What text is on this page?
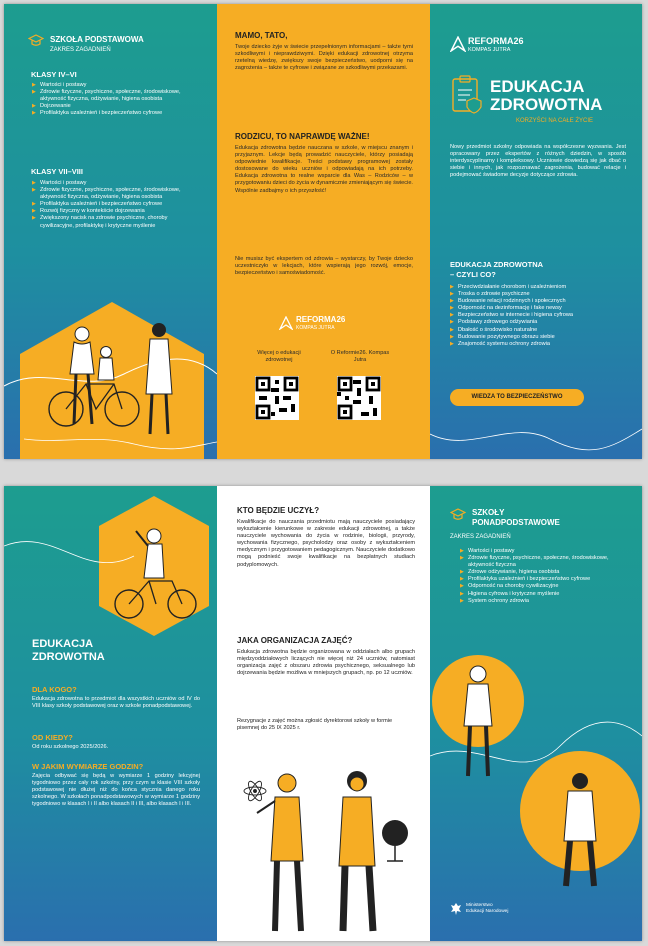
SZKOŁA PODSTAWOWA
ZAKRES ZAGADNIEŃ
KLASY IV–VI
▶ Wartości i postawy
▶ Zdrowie fizyczne, psychiczne, społeczne, środowiskowe, aktywność fizyczna, odżywianie, higiena osobista
▶ Dojrzewanie
▶ Profilaktyka uzależnień i bezpieczeństwo cyfrowe
KLASY VII–VIII
▶ Wartości i postawy
▶ Zdrowie fizyczne, psychiczne, społeczne, środowiskowe, aktywność fizyczna, odżywianie, higiena osobista
▶ Profilaktyka uzależnień i bezpieczeństwo cyfrowe
▶ Rozwój fizyczny w kontekście dojrzewania
▶ Zwiększony nacisk na zdrowie psychiczne, choroby cywilizacyjne, profilaktykę i krytyczne myślenie
MAMO, TATO,
Twoje dziecko żyje w świecie przepełnionym informacjami – także tymi szkodliwymi i nieprawdziwymi. Dzięki edukacji zdrowotnej otrzyma rzetelną wiedzę, zwiększy swoje bezpieczeństwo, uodporni się na zagrożenia – także te cyfrowe i związane ze szkodliwymi przekazami.
RODZICU, TO NAPRAWDĘ WAŻNE!
Edukacja zdrowotna będzie nauczana w szkole, w miejscu znanym i przyjaznym. Lekcje będą prowadzić nauczyciele, którzy posiadają odpowiednie kwalifikacje. Treści podstawy programowej zostały dostosowane do wieku uczniów i odpowiadają na ich potrzeby. Edukacja zdrowotna to realne wsparcie dla Was – Rodziców – w przygotowaniu dzieci do życia w dynamicznie zmieniającym się świecie. Wspólnie zadbajmy o ich przyszłość!
Nie musisz być ekspertem od zdrowia – wystarczy, by Twoje dziecko uczestniczyło w lekcjach, które wspierają jego rozwój, emocje, bezpieczeństwo i samoświadomość.
REFORMA26
KOMPAS JUTRA
Więcej o edukacji zdrowotnej
O Reformie26. Kompas Jutra
REFORMA26
KOMPAS JUTRA
EDUKACJA
ZDROWOTNA
KORZYŚCI NA CAŁE ŻYCIE
Nowy przedmiot szkolny odpowiada na współczesne wyzwania. Jest opracowany przez ekspertów z różnych dziedzin, w sposób interdyscyplinarny i kompleksowy. Uczniowie dowiedzą się jak dbać o siebie i innych, jak rozpoznawać zagrożenia, budować relacje i podejmować świadome decyzje dotyczące zdrowia.
EDUKACJA ZDROWOTNA
– CZYLI CO?
▶ Przeciwdziałanie chorobom i uzależnieniom
▶ Troska o zdrowie psychiczne
▶ Budowanie relacji rodzinnych i społecznych
▶ Odporność na dezinformację i fake newsy
▶ Bezpieczeństwo w internecie i higiena cyfrowa
▶ Podstawy zdrowego odżywiania
▶ Dbałość o środowisko naturalne
▶ Budowanie pozytywnego obrazu siebie
▶ Znajomość systemu ochrony zdrowia
WIEDZA TO BEZPIECZEŃSTWO
EDUKACJA
ZDROWOTNA
DLA KOGO?
Edukacja zdrowotna to przedmiot dla wszystkich uczniów od IV do VIII klasy szkoły podstawowej oraz w szkole ponadpodstawowej.
OD KIEDY?
Od roku szkolnego 2025/2026.
W JAKIM WYMIARZE GODZIN?
Zajęcia odbywać się będą w wymiarze 1 godziny lekcyjnej tygodniowo przez cały rok szkolny, przy czym w klasie VIII szkoły podstawowej nie dłużej niż do końca stycznia danego roku szkolnego. W szkołach ponadpodstawowych w wymiarze 1 godziny tygodniowo w klasach I i II albo klasach II i III, albo klasach I i III.
KTO BĘDZIE UCZYŁ?
Kwalifikacje do nauczania przedmiotu mają nauczyciele posiadający wykształcenie kierunkowe w zakresie edukacji zdrowotnej, a także nauczyciele wychowania do życia w rodzinie, biologii, przyrody, wychowania fizycznego, psycholodzy oraz osoby z wykształceniem medycznym i przygotowaniem pedagogicznym. Nauczyciele dodatkowo mogą podnieść swoje kwalifikacje na bezpłatnych studiach podyplomowych.
JAKA ORGANIZACJA ZAJĘĆ?
Edukacja zdrowotna będzie organizowana w oddziałach albo grupach międzyoddziałowych liczących nie więcej niż 24 uczniów, natomiast organizacja zajęć z obszaru zdrowia psychicznego, seksualnego lub dojrzewania będzie możliwa w mniejszych grupach, np. po 12 uczniów.
Rezygnacje z zajęć można zgłosić dyrektorowi szkoły w formie pisemnej do 25 IX 2025 r.
SZKOŁY
PONADPODSTAWOWE
ZAKRES ZAGADNIEŃ
▶ Wartości i postawy
▶ Zdrowie fizyczne, psychiczne, społeczne, środowiskowe, aktywność fizyczna
▶ Zdrowe odżywianie, higiena osobista
▶ Profilaktyka uzależnień i bezpieczeństwo cyfrowe
▶ Odporność na choroby cywilizacyjne
▶ Higiena cyfrowa i krytyczne myślenie
▶ System ochrony zdrowia
Ministerstwo
Edukacji Narodowej
